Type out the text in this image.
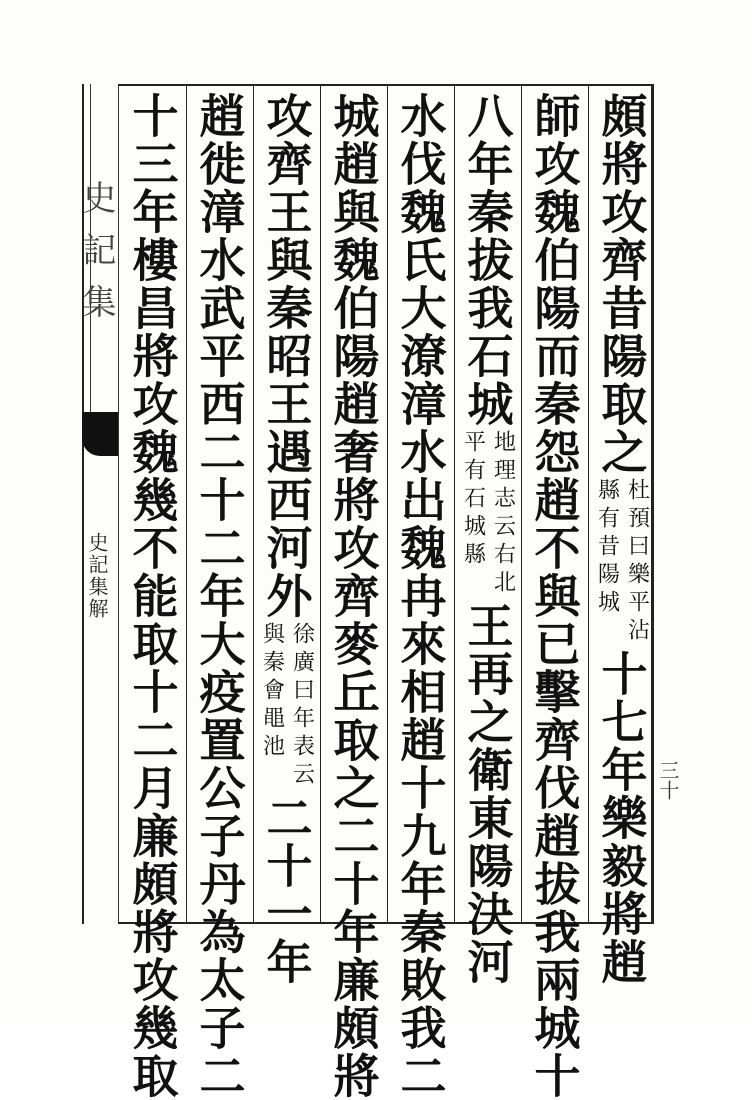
史記集
史記集解
頗將攻齊昔陽取之
杜預曰樂平沾
縣有昔陽城
十七年樂毅將趙
師攻魏伯陽而秦怨趙不與已擊齊伐趙拔我兩城十
八年秦拔我石城
地理志云右北
平有石城縣
王再之衛東陽決河
水伐魏氏大潦漳水出魏冉來相趙十九年秦敗我二
城趙與魏伯陽趙奢將攻齊麥丘取之二十年廉頗將
攻齊王與秦昭王遇西河外
徐廣曰年表云
與秦會黽池
二十一年
趙徙漳水武平西二十二年大疫置公子丹為太子二
十三年樓昌將攻魏幾不能取十二月廉頗將攻幾取	三十
